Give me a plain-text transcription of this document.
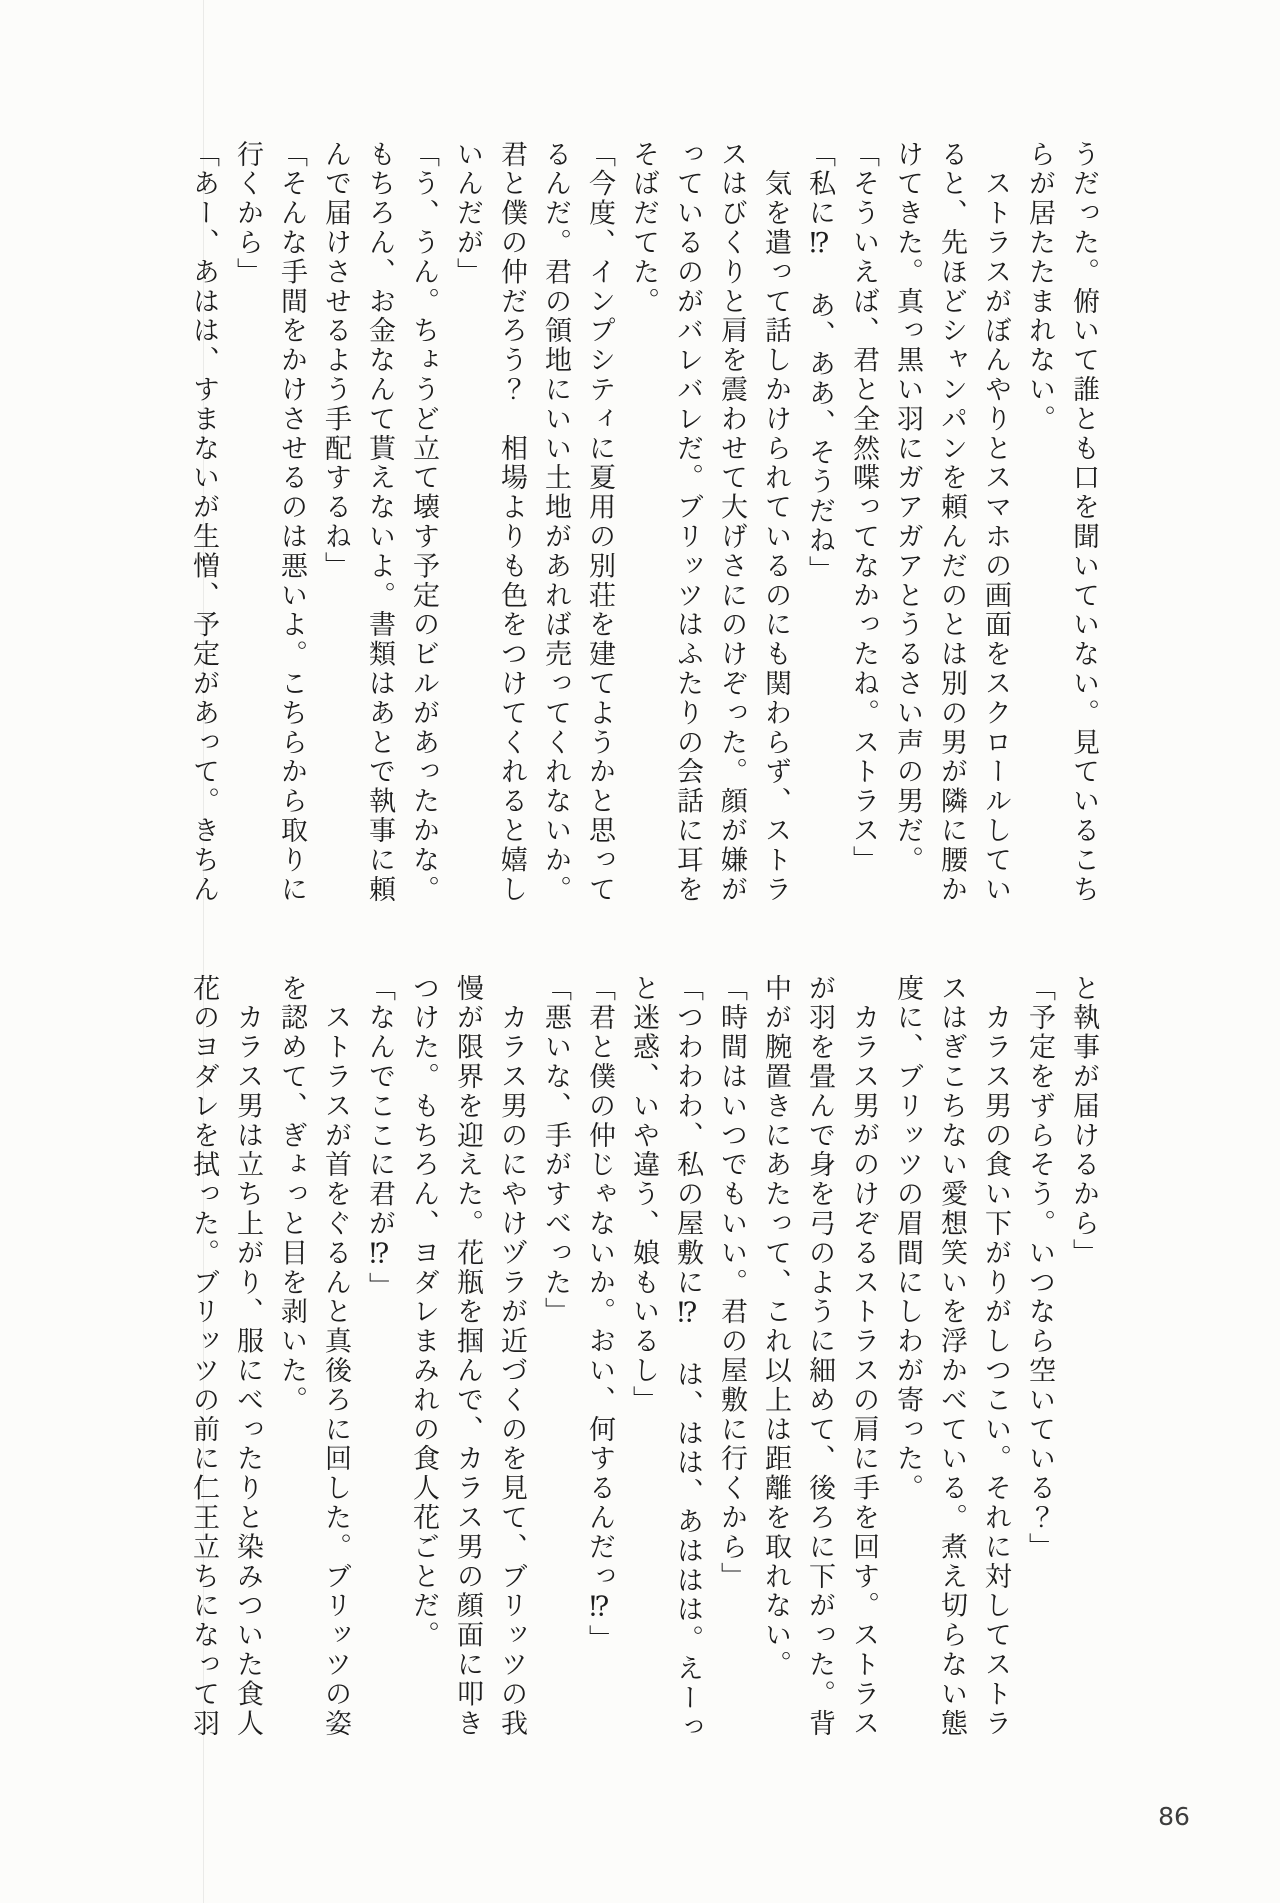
うだった。俯いて誰とも口を聞いていない。見ているこち
らが居たたまれない。
　ストラスがぼんやりとスマホの画面をスクロールしてい
ると、先ほどシャンパンを頼んだのとは別の男が隣に腰か
けてきた。真っ黒い羽にガアガアとうるさい声の男だ。
「そういえば、君と全然喋ってなかったね。ストラス」
「私に⁉　あ、ああ、そうだね」
　気を遣って話しかけられているのにも関わらず、ストラ
スはびくりと肩を震わせて大げさにのけぞった。顔が嫌が
っているのがバレバレだ。ブリッツはふたりの会話に耳を
そばだてた。
「今度、インプシティに夏用の別荘を建てようかと思って
るんだ。君の領地にいい土地があれば売ってくれないか。
君と僕の仲だろう？　相場よりも色をつけてくれると嬉し
いんだが」
「う、うん。ちょうど立て壊す予定のビルがあったかな。
もちろん、お金なんて貰えないよ。書類はあとで執事に頼
んで届けさせるよう手配するね」
「そんな手間をかけさせるのは悪いよ。こちらから取りに
行くから」
「あー、あはは、すまないが生憎、予定があって。きちん
と執事が届けるから」
「予定をずらそう。いつなら空いている？」
　カラス男の食い下がりがしつこい。それに対してストラ
スはぎこちない愛想笑いを浮かべている。煮え切らない態
度に、ブリッツの眉間にしわが寄った。
　カラス男がのけぞるストラスの肩に手を回す。ストラス
が羽を畳んで身を弓のように細めて、後ろに下がった。背
中が腕置きにあたって、これ以上は距離を取れない。
「時間はいつでもいい。君の屋敷に行くから」
「つわわわ、私の屋敷に⁉　は、はは、あははは。えーっ
と迷惑、いや違う、娘もいるし」
「君と僕の仲じゃないか。おい、何するんだっ⁉」
「悪いな、手がすべった」
　カラス男のにやけヅラが近づくのを見て、ブリッツの我
慢が限界を迎えた。花瓶を掴んで、カラス男の顔面に叩き
つけた。もちろん、ヨダレまみれの食人花ごとだ。
「なんでここに君が⁉」
　ストラスが首をぐるんと真後ろに回した。ブリッツの姿
を認めて、ぎょっと目を剥いた。
　カラス男は立ち上がり、服にべったりと染みついた食人
花のヨダレを拭った。ブリッツの前に仁王立ちになって羽
86
